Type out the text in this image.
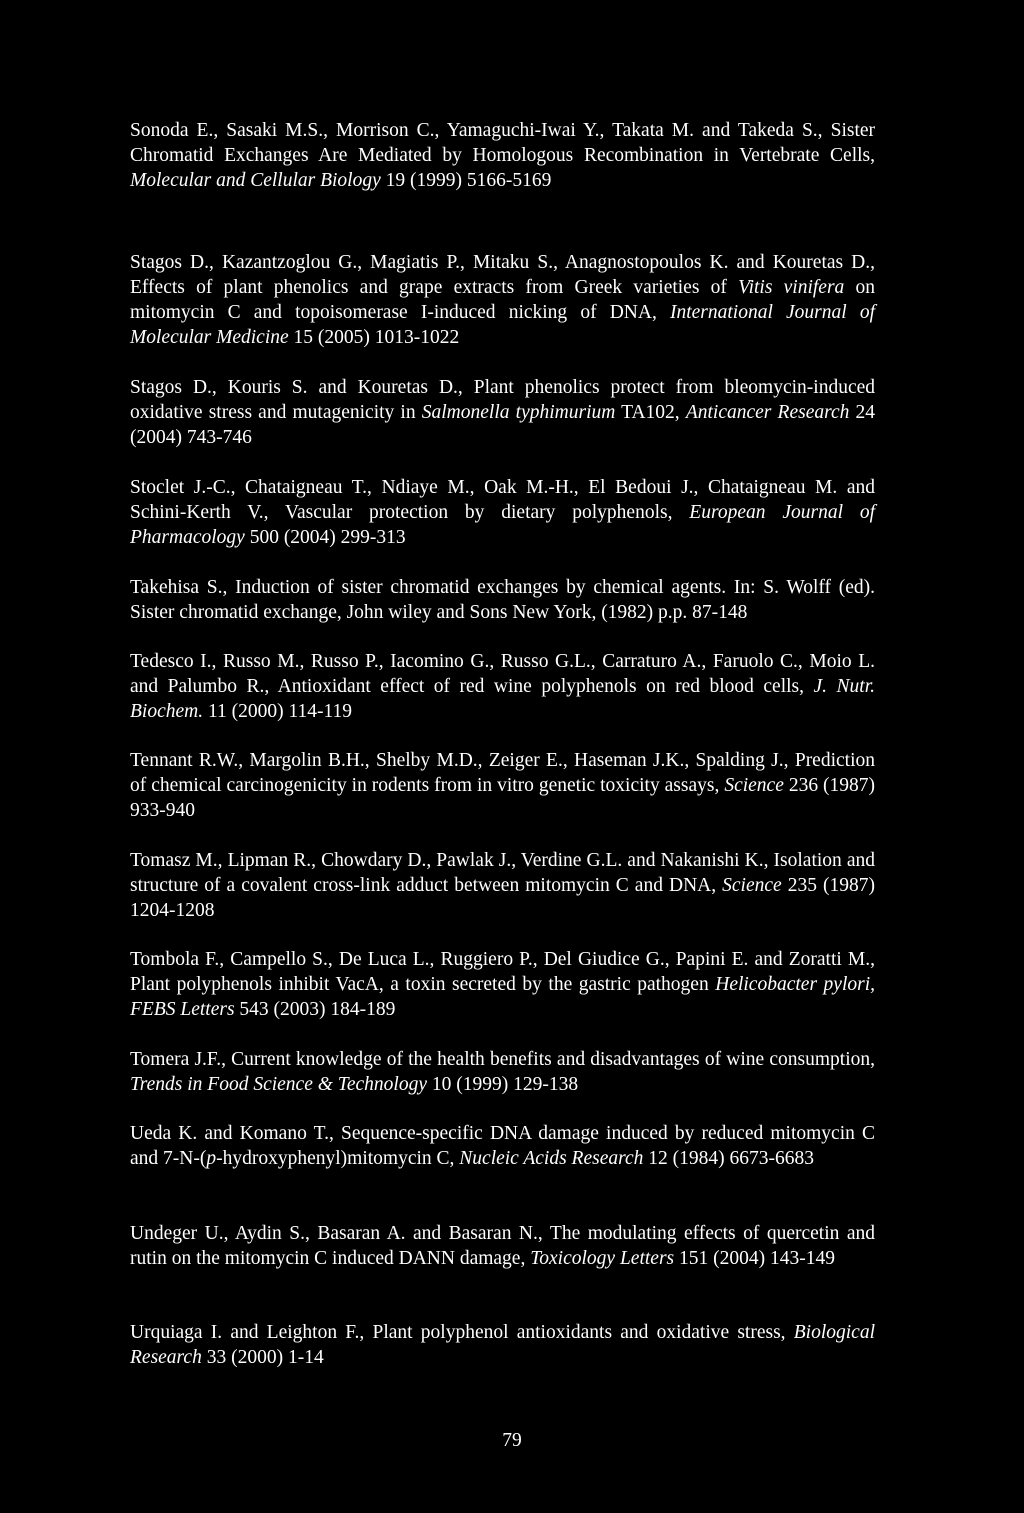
Sonoda E., Sasaki M.S., Morrison C., Yamaguchi-Iwai Y., Takata M. and Takeda S., Sister Chromatid Exchanges Are Mediated by Homologous Recombination in Vertebrate Cells, Molecular and Cellular Biology 19 (1999) 5166-5169

Stagos D., Kazantzoglou G., Magiatis P., Mitaku S., Anagnostopoulos K. and Kouretas D., Effects of plant phenolics and grape extracts from Greek varieties of Vitis vinifera on mitomycin C and topoisomerase I-induced nicking of DNA, International Journal of Molecular Medicine 15 (2005) 1013-1022

Stagos D., Kouris S. and Kouretas D., Plant phenolics protect from bleomycin-induced oxidative stress and mutagenicity in Salmonella typhimurium TA102, Anticancer Research 24 (2004) 743-746

Stoclet J.-C., Chataigneau T., Ndiaye M., Oak M.-H., El Bedoui J., Chataigneau M. and Schini-Kerth V., Vascular protection by dietary polyphenols, European Journal of Pharmacology 500 (2004) 299-313

Takehisa S., Induction of sister chromatid exchanges by chemical agents. In: S. Wolff (ed). Sister chromatid exchange, John wiley and Sons New York, (1982) p.p. 87-148

Tedesco I., Russo M., Russo P., Iacomino G., Russo G.L., Carraturo A., Faruolo C., Moio L. and Palumbo R., Antioxidant effect of red wine polyphenols on red blood cells, J. Nutr. Biochem. 11 (2000) 114-119

Tennant R.W., Margolin B.H., Shelby M.D., Zeiger E., Haseman J.K., Spalding J., Prediction of chemical carcinogenicity in rodents from in vitro genetic toxicity assays, Science 236 (1987) 933-940

Tomasz M., Lipman R., Chowdary D., Pawlak J., Verdine G.L. and Nakanishi K., Isolation and structure of a covalent cross-link adduct between mitomycin C and DNA, Science 235 (1987) 1204-1208

Tombola F., Campello S., De Luca L., Ruggiero P., Del Giudice G., Papini E. and Zoratti M., Plant polyphenols inhibit VacA, a toxin secreted by the gastric pathogen Helicobacter pylori, FEBS Letters 543 (2003) 184-189

Tomera J.F., Current knowledge of the health benefits and disadvantages of wine consumption, Trends in Food Science & Technology 10 (1999) 129-138

Ueda K. and Komano T., Sequence-specific DNA damage induced by reduced mitomycin C and 7-N-(p-hydroxyphenyl)mitomycin C, Nucleic Acids Research 12 (1984) 6673-6683

Undeger U., Aydin S., Basaran A. and Basaran N., The modulating effects of quercetin and rutin on the mitomycin C induced DANN damage, Toxicology Letters 151 (2004) 143-149

Urquiaga I. and Leighton F., Plant polyphenol antioxidants and oxidative stress, Biological Research 33 (2000) 1-14

79
